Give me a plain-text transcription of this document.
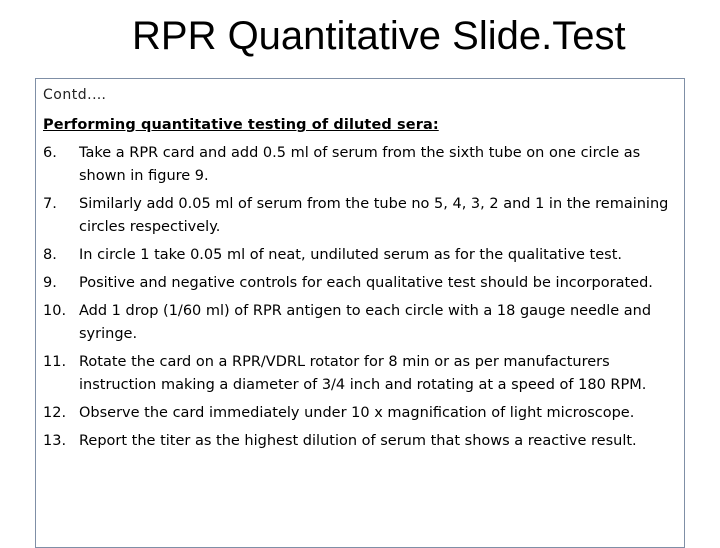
RPR Quantitative Slide.Test
Contd.…
Performing quantitative testing of diluted sera:
6.	Take a RPR card and add 0.5 ml of serum from the sixth tube on one circle as shown in figure 9.
7.	Similarly add 0.05 ml of serum from the tube no 5, 4, 3, 2 and 1 in the remaining circles respectively.
8.	In circle 1 take 0.05 ml of neat, undiluted serum as for the qualitative test.
9.	Positive and negative controls for each qualitative test should be incorporated.
10. Add 1 drop (1/60 ml) of RPR antigen to each circle with a 18 gauge needle and syringe.
11. Rotate the card on a RPR/VDRL rotator for 8 min or as per manufacturers instruction making a diameter of 3/4 inch and rotating at a speed of 180 RPM.
12. Observe the card immediately under 10 x magnification of light microscope.
13. Report the titer as the highest dilution of serum that shows a reactive result.
